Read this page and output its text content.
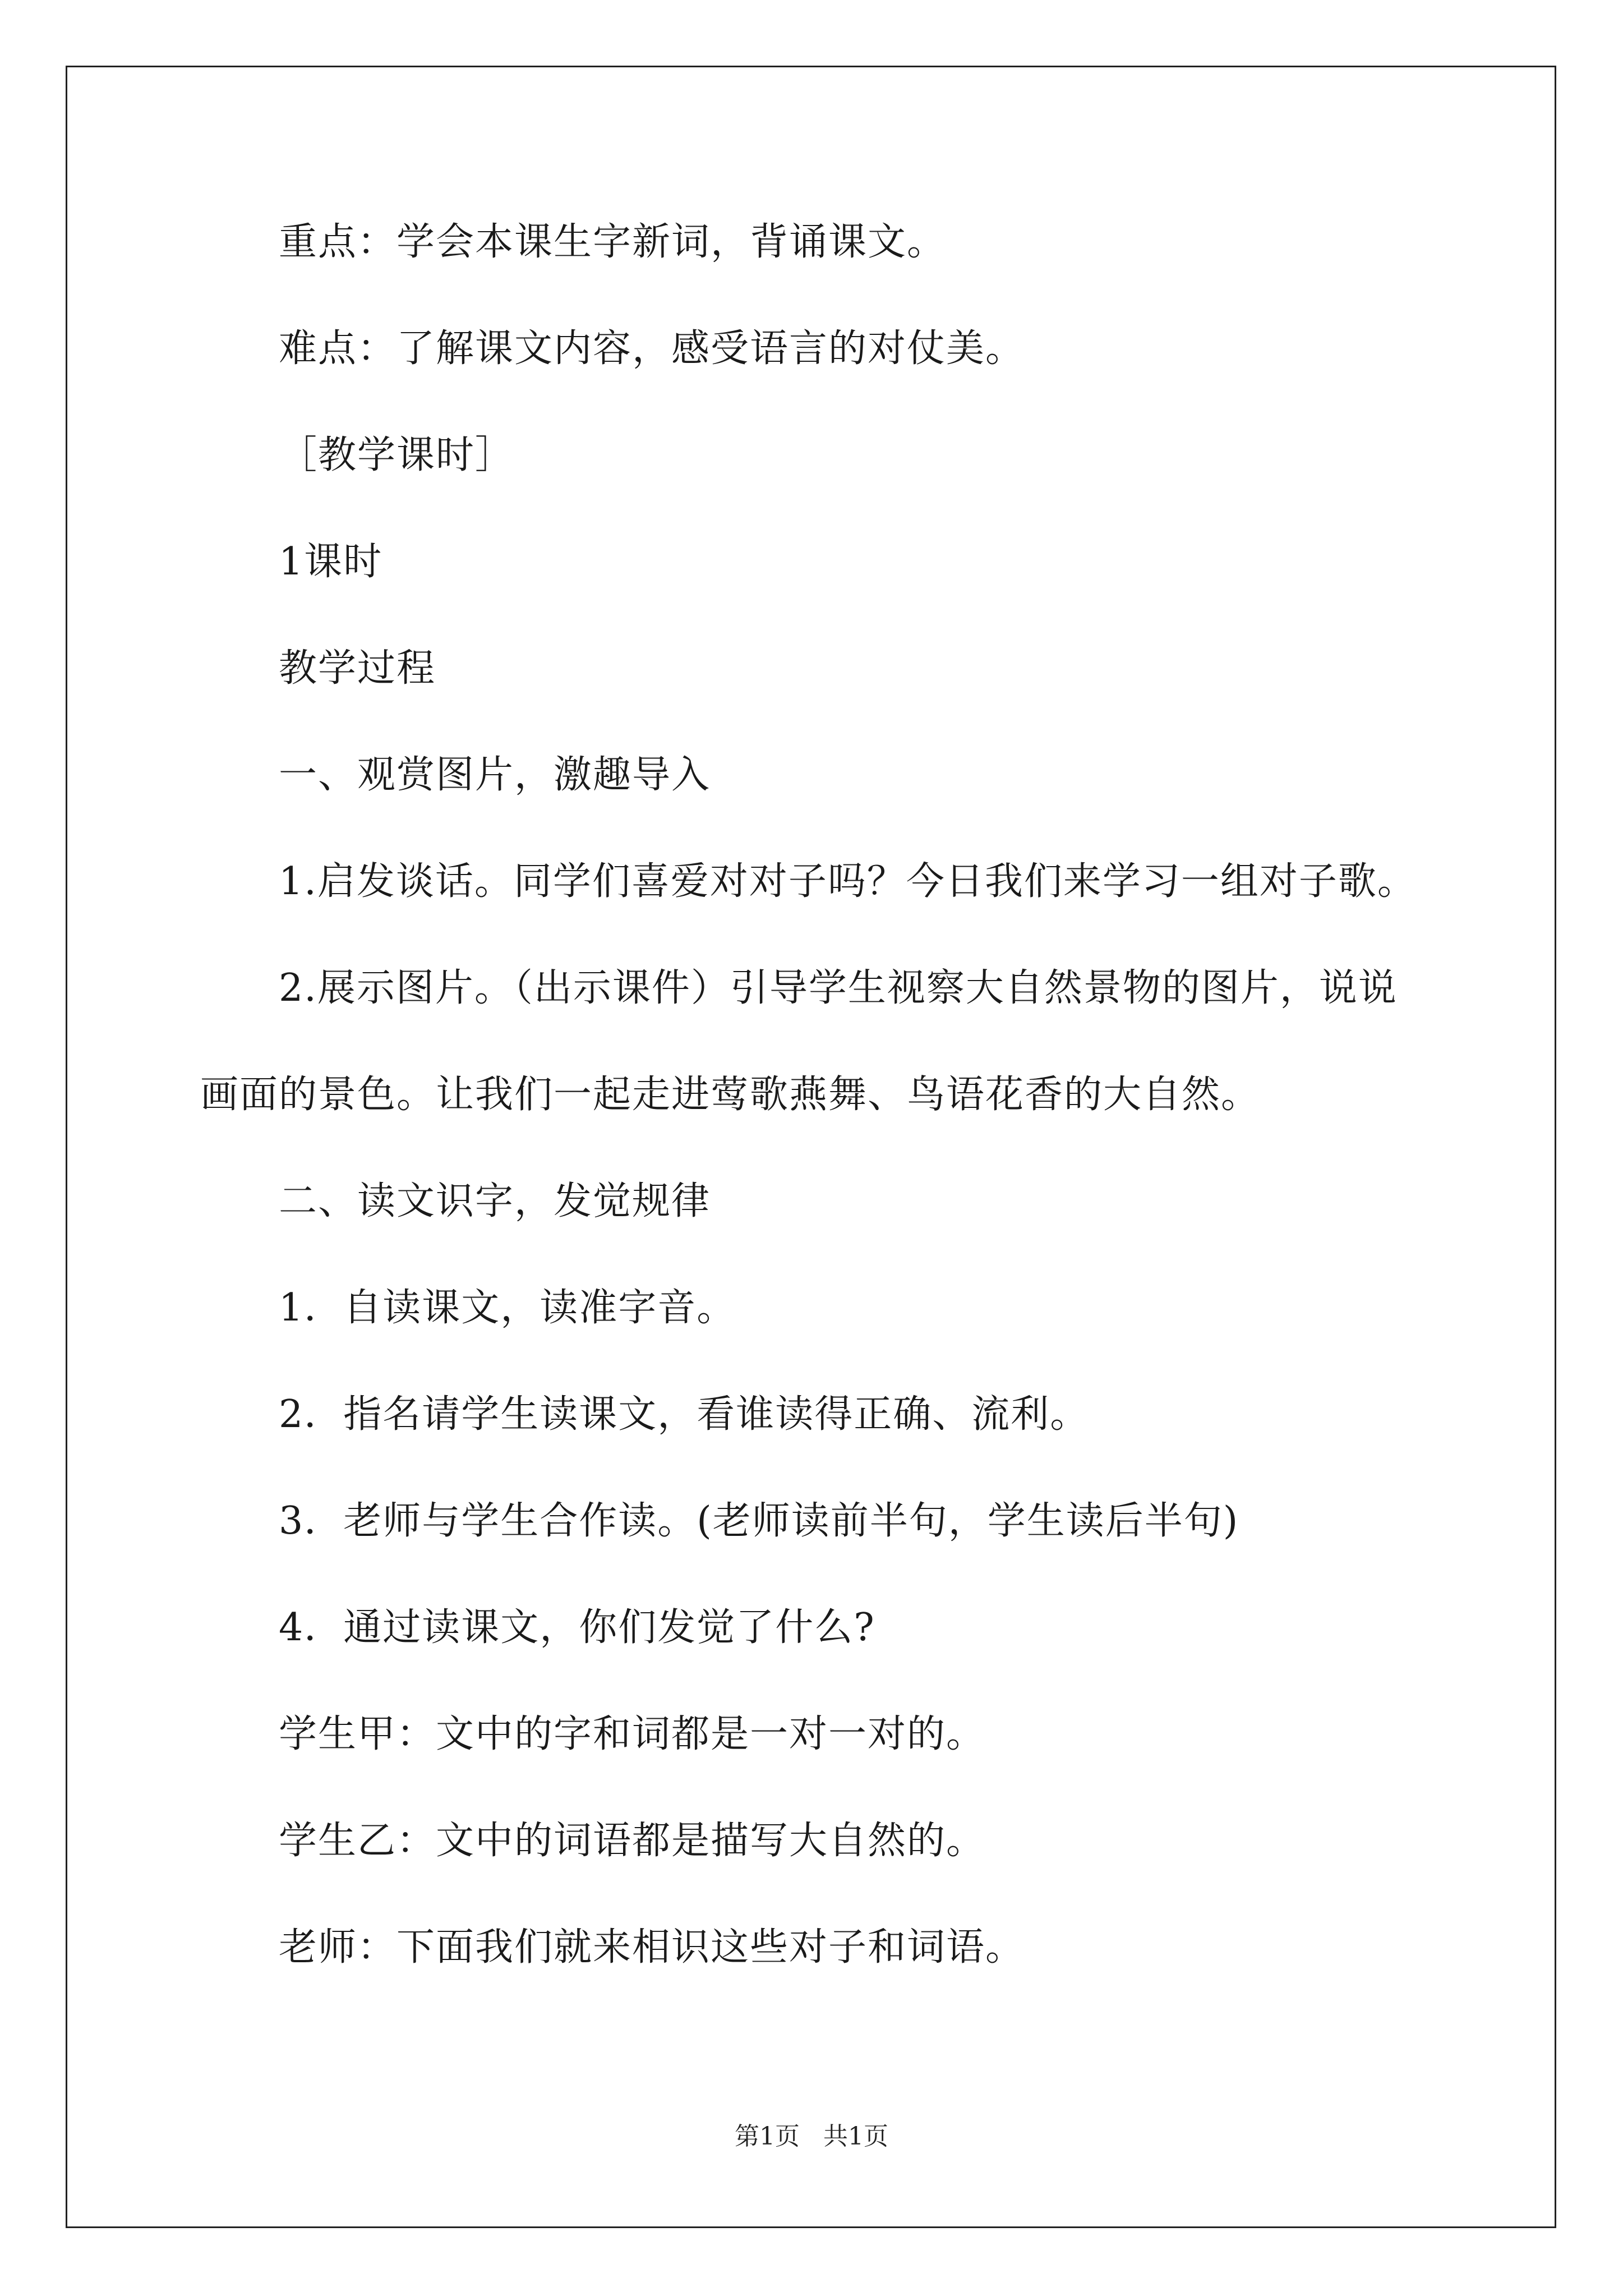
重点：学会本课生字新词，背诵课文。

难点：了解课文内容，感受语言的对仗美。

［教学课时］

1课时

教学过程

一、观赏图片，激趣导入

1.启发谈话。同学们喜爱对对子吗？今日我们来学习一组对子歌。

2.展示图片。（出示课件）引导学生视察大自然景物的图片，说说

画面的景色。让我们一起走进莺歌燕舞、鸟语花香的大自然。

二、读文识字，发觉规律

1．自读课文，读准字音。

2．指名请学生读课文，看谁读得正确、流利。

3．老师与学生合作读。(老师读前半句，学生读后半句)

4．通过读课文，你们发觉了什么?

学生甲：文中的字和词都是一对一对的。

学生乙：文中的词语都是描写大自然的。

老师：下面我们就来相识这些对子和词语。

第1页   共1页
